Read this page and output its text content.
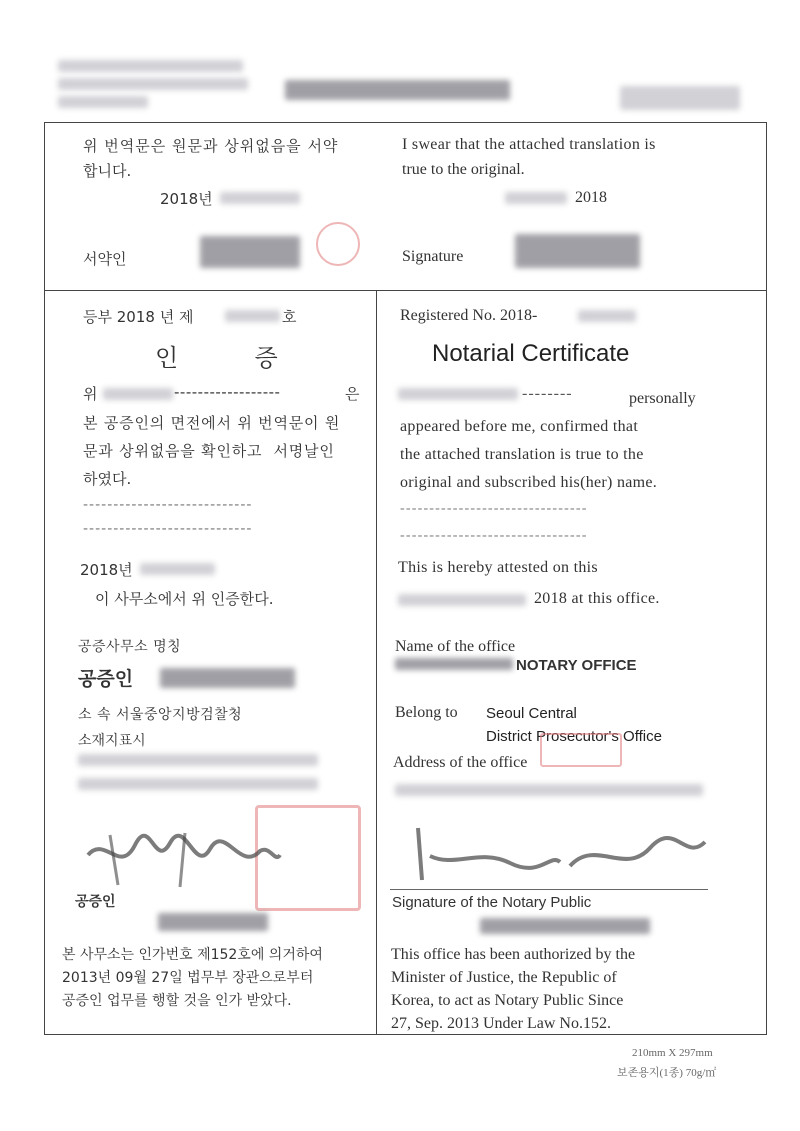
위 번역문은 원문과 상위없음을 서약
합니다.
2018년
서약인
I swear that the attached translation is
true to the original.
2018
Signature
등부 2018 년 제	호	Registered No. 2018-
인          증	Notarial Certificate
위	------------------	은
본 공증인의 면전에서 위 번역문이 원
문과 상위없음을 확인하고  서명날인
하였다.
----------------------------
----------------------------
2018년
이 사무소에서 위 인증한다.
--------	personally
appeared before me, confirmed that
the attached translation is true to the
original and subscribed his(her) name.
--------------------------------
--------------------------------
This is hereby attested on this
2018 at this office.
공증사무소 명칭
공증인
소 속 서울중앙지방검찰청
소재지표시
Name of the office
NOTARY OFFICE
Belong to Seoul Central
District Prosecutor's Office
Address of the office
공증인	Signature of the Notary Public
본 사무소는 인가번호 제152호에 의거하여
2013년 09월 27일 법무부 장관으로부터
공증인 업무를 행할 것을 인가 받았다.
This office has been authorized by the
Minister of Justice, the Republic of
Korea, to act as Notary Public Since
27, Sep. 2013 Under Law No.152.
210mm X 297mm
보존용지(1종) 70g/㎡
